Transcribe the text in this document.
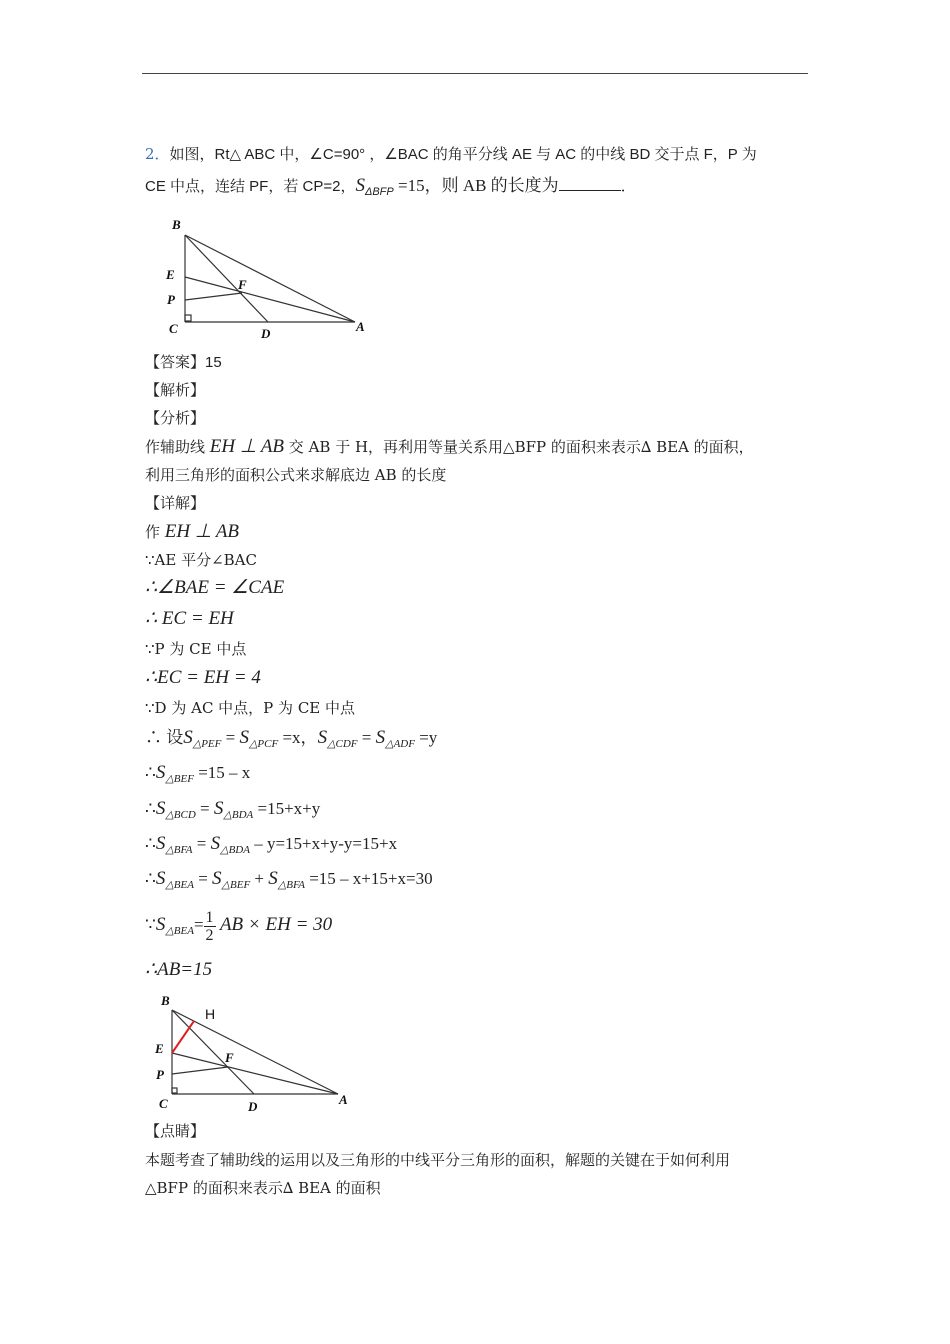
2．如图，Rt△ ABC 中，∠C=90° ，∠BAC 的角平分线 AE 与 AC 的中线 BD 交于点 F，P 为
CE 中点，连结 PF，若 CP=2，$S_{\Delta BFP} =15$，则 AB 的长度为	．
B
E
P
C
F
D	A
【答案】15
【解析】
【分析】
作辅助线 EH ⊥ AB 交 AB 于 H，再利用等量关系用△BFP 的面积来表示∆ BEA 的面积，
利用三角形的面积公式来求解底边 AB 的长度
【详解】
作 EH ⊥ AB
∵AE 平分∠BAC
∴∠BAE = ∠CAE
∴ EC = EH
∵P 为 CE 中点
∴EC = EH = 4
∵D 为 AC 中点，P 为 CE 中点
∴ 设$S_{\triangle PEF} = S_{\triangle PCF} =x$，$S_{\triangle CDF} = S_{\triangle ADF} =y$
$\therefore S_{\triangle BEF} =15 - x$
$\therefore S_{\triangle BCD} = S_{\triangle BDA} =15+x+y$
$\therefore S_{\triangle BFA} = S_{\triangle BDA} - y=15+x+y-y=15+x$
$\therefore S_{\triangle BEA} = S_{\triangle BEF} + S_{\triangle BFA} =15 - x+15+x=30$
$\because S_{\triangle BEA}= \frac{1}{2}$ AB × EH = 30
∴AB=15
B
H
E
F
P
C	D	A
【点睛】
本题考查了辅助线的运用以及三角形的中线平分三角形的面积，解题的关键在于如何利用
△BFP 的面积来表示∆ BEA 的面积
